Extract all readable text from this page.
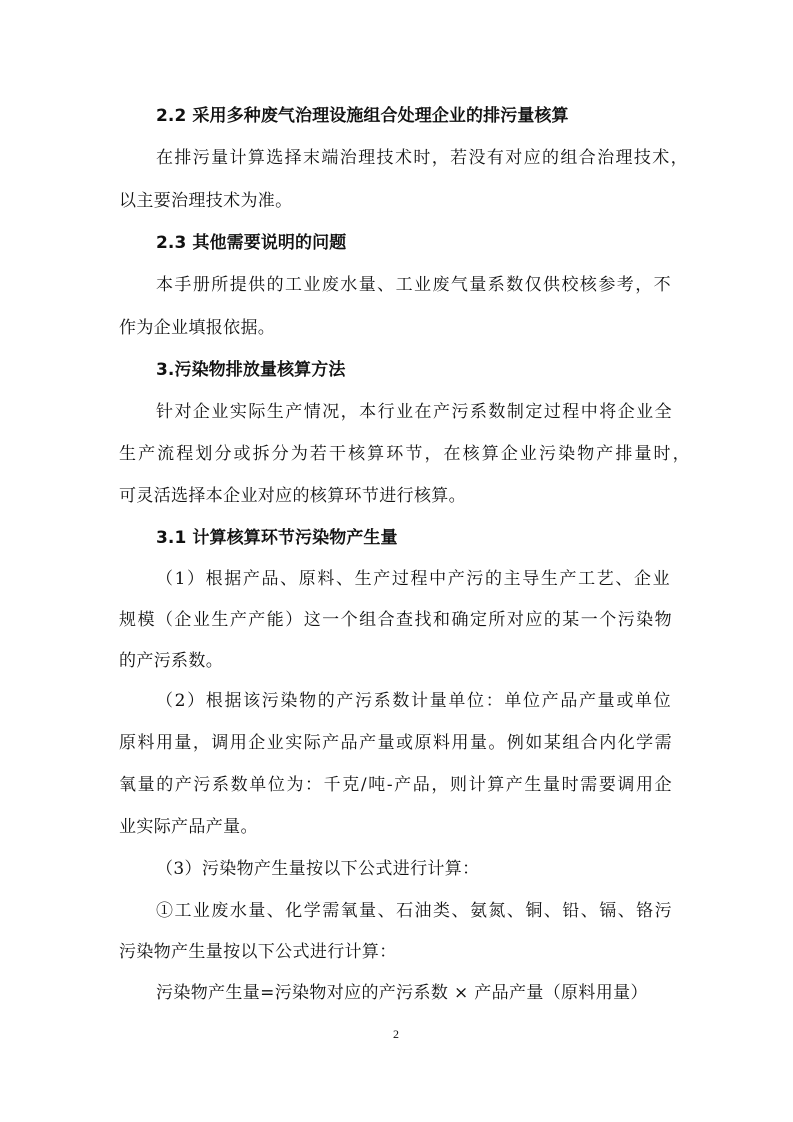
2.2 采用多种废气治理设施组合处理企业的排污量核算
在排污量计算选择末端治理技术时，若没有对应的组合治理技术，
以主要治理技术为准。
2.3 其他需要说明的问题
本手册所提供的工业废水量、工业废气量系数仅供校核参考，不
作为企业填报依据。
3.污染物排放量核算方法
针对企业实际生产情况，本行业在产污系数制定过程中将企业全
生产流程划分或拆分为若干核算环节，在核算企业污染物产排量时，
可灵活选择本企业对应的核算环节进行核算。
3.1 计算核算环节污染物产生量
（1）根据产品、原料、生产过程中产污的主导生产工艺、企业
规模（企业生产产能）这一个组合查找和确定所对应的某一个污染物
的产污系数。
（2）根据该污染物的产污系数计量单位：单位产品产量或单位
原料用量，调用企业实际产品产量或原料用量。例如某组合内化学需
氧量的产污系数单位为：千克/吨-产品，则计算产生量时需要调用企
业实际产品产量。
（3）污染物产生量按以下公式进行计算：
①工业废水量、化学需氧量、石油类、氨氮、铜、铅、镉、铬污
污染物产生量按以下公式进行计算：
污染物产生量=污染物对应的产污系数 × 产品产量（原料用量）
2
